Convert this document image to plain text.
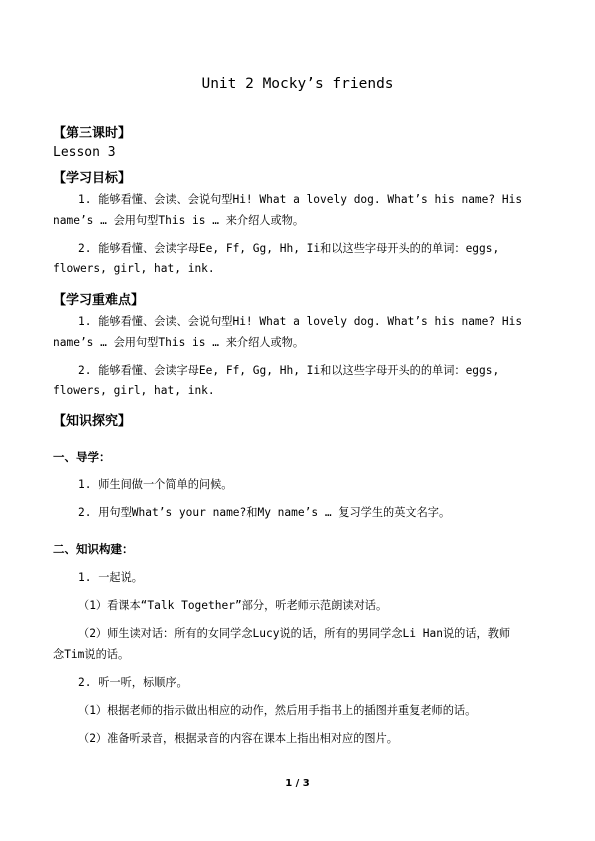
Unit 2 Mocky’s friends
【第三课时】
Lesson 3
【学习目标】
1. 能够看懂、会读、会说句型Hi! What a lovely dog. What’s his name? His
name’s … 会用句型This is … 来介绍人或物。
2. 能够看懂、会读字母Ee, Ff, Gg, Hh, Ii和以这些字母开头的的单词：eggs,
flowers, girl, hat, ink.
【学习重难点】
1. 能够看懂、会读、会说句型Hi! What a lovely dog. What’s his name? His
name’s … 会用句型This is … 来介绍人或物。
2. 能够看懂、会读字母Ee, Ff, Gg, Hh, Ii和以这些字母开头的的单词：eggs,
flowers, girl, hat, ink.
【知识探究】
一、导学：
1. 师生间做一个简单的问候。
2. 用句型What’s your name?和My name’s … 复习学生的英文名字。
二、知识构建：
1. 一起说。
（1）看课本“Talk Together”部分，听老师示范朗读对话。
（2）师生读对话：所有的女同学念Lucy说的话，所有的男同学念Li Han说的话，教师
念Tim说的话。
2. 听一听，标顺序。
（1）根据老师的指示做出相应的动作，然后用手指书上的插图并重复老师的话。
（2）准备听录音，根据录音的内容在课本上指出相对应的图片。
1 / 3
